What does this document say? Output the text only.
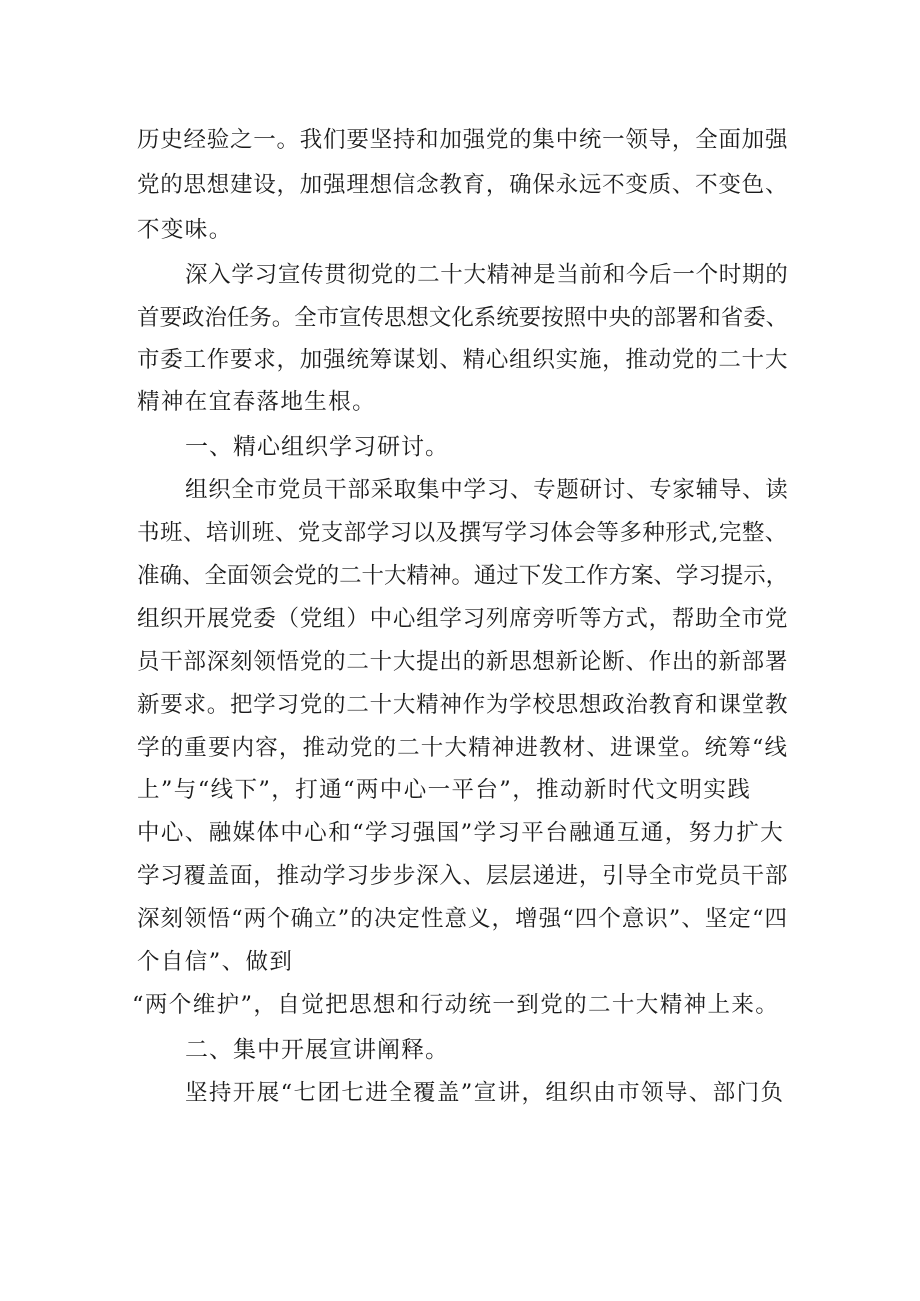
历史经验之一。我们要坚持和加强党的集中统一领导，全面加强
党的思想建设，加强理想信念教育，确保永远不变质、不变色、
不变味。
深入学习宣传贯彻党的二十大精神是当前和今后一个时期的
首要政治任务。全市宣传思想文化系统要按照中央的部署和省委、
市委工作要求，加强统筹谋划、精心组织实施，推动党的二十大
精神在宜春落地生根。
一、精心组织学习研讨。
组织全市党员干部采取集中学习、专题研讨、专家辅导、读
书班、培训班、党支部学习以及撰写学习体会等多种形式,完整、
准确、全面领会党的二十大精神。通过下发工作方案、学习提示，
组织开展党委（党组）中心组学习列席旁听等方式，帮助全市党
员干部深刻领悟党的二十大提出的新思想新论断、作出的新部署
新要求。把学习党的二十大精神作为学校思想政治教育和课堂教
学的重要内容，推动党的二十大精神进教材、进课堂。统筹“线
上”与“线下”，打通“两中心一平台”，推动新时代文明实践
中心、融媒体中心和“学习强国”学习平台融通互通，努力扩大
学习覆盖面，推动学习步步深入、层层递进，引导全市党员干部
深刻领悟“两个确立”的决定性意义，增强“四个意识”、坚定“四
个自信”、做到
“两个维护”，自觉把思想和行动统一到党的二十大精神上来。
二、集中开展宣讲阐释。
坚持开展“七团七进全覆盖”宣讲，组织由市领导、部门负
